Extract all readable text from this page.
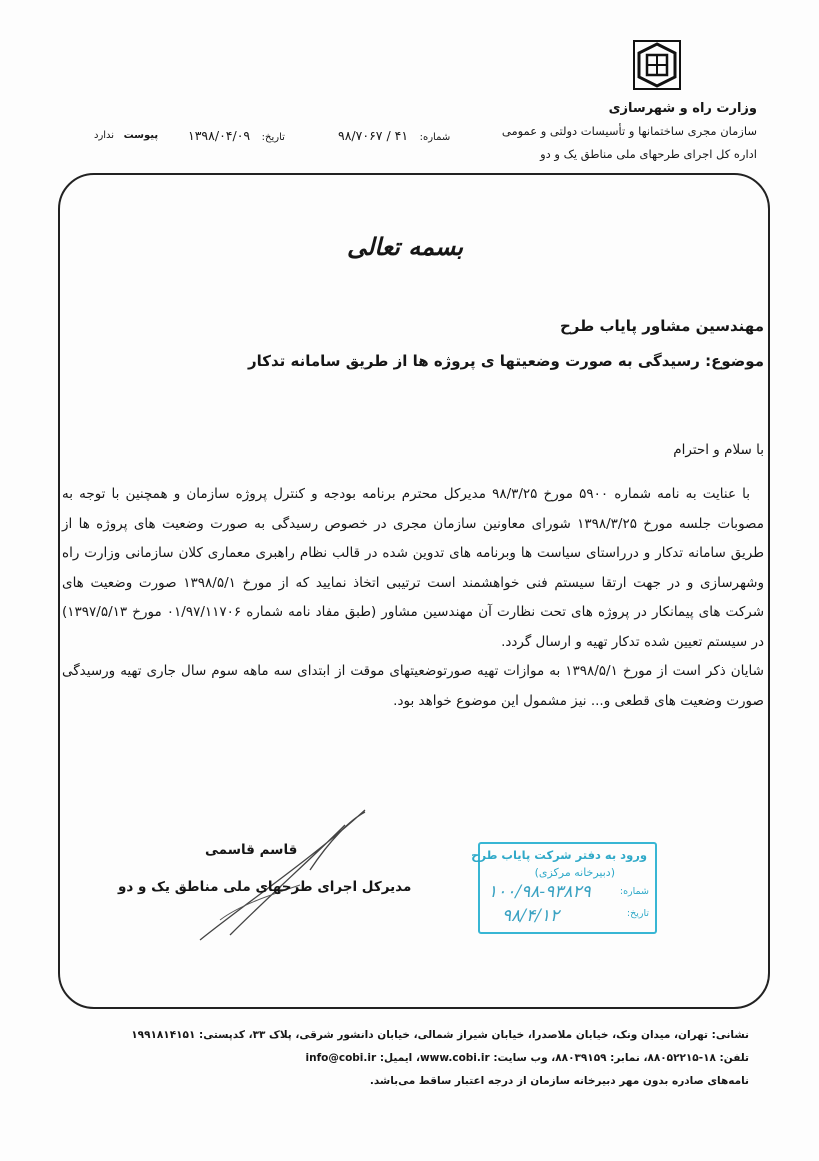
وزارت راه و شهرسازی
سازمان مجری ساختمانها و تأسیسات دولتی و عمومی
اداره کل اجرای طرحهای ملی مناطق یک و دو
شماره: ۴۱ / ۹۸/۷۰۶۷
تاریخ: ۱۳۹۸/۰۴/۰۹
پیوست ندارد
بسمه تعالی
مهندسین مشاور پایاب طرح
موضوع: رسیدگی به صورت وضعیتها ی پروژه ها از طریق سامانه تدکار
با سلام و احترام

با عنایت به نامه شماره ۵۹۰۰ مورخ ۹۸/۳/۲۵ مدیرکل محترم برنامه بودجه و کنترل پروژه سازمان و همچنین با توجه به مصوبات جلسه مورخ ۱۳۹۸/۳/۲۵ شورای معاونین سازمان مجری در خصوص رسیدگی به صورت وضعیت های پروژه ها از طریق سامانه تدکار و درراستای سیاست ها وبرنامه های تدوین شده در قالب نظام راهبری معماری کلان سازمانی وزارت راه وشهرسازی و در جهت ارتقا سیستم فنی خواهشمند است ترتیبی اتخاذ نمایید که از مورخ ۱۳۹۸/۵/۱ صورت وضعیت های شرکت های پیمانکار در پروژه های تحت نظارت آن مهندسین مشاور (طبق مفاد نامه شماره ۰۱/۹۷/۱۱۷۰۶ مورخ ۱۳۹۷/۵/۱۳) در سیستم تعیین شده تدکار تهیه و ارسال گردد.

شایان ذکر است از مورخ ۱۳۹۸/۵/۱ به موازات تهیه صورتوضعیتهای موقت از ابتدای سه ماهه سوم سال جاری تهیه ورسیدگی صورت وضعیت های قطعی و... نیز مشمول این موضوع خواهد بود.

قاسم قاسمی
مدیرکل اجرای طرحهای ملی مناطق یک و دو
ورود به دفتر شرکت پایاب طرح
(دبیرخانه مرکزی)
شماره:
تاریخ:
۱۰۰/۹۸-۹۳۸۲۹
۹۸/۴/۱۲
نشانی: تهران، میدان ونک، خیابان ملاصدرا، خیابان شیراز شمالی، خیابان دانشور شرقی، پلاک ۳۳، کدپستی: ۱۹۹۱۸۱۴۱۵۱
تلفن: ۱۸-۸۸۰۵۲۲۱۵، نمابر: ۸۸۰۳۹۱۵۹، وب سایت: www.cobi.ir، ایمیل: info@cobi.ir
نامه‌های صادره بدون مهر دبیرخانه سازمان از درجه اعتبار ساقط می‌باشد.
